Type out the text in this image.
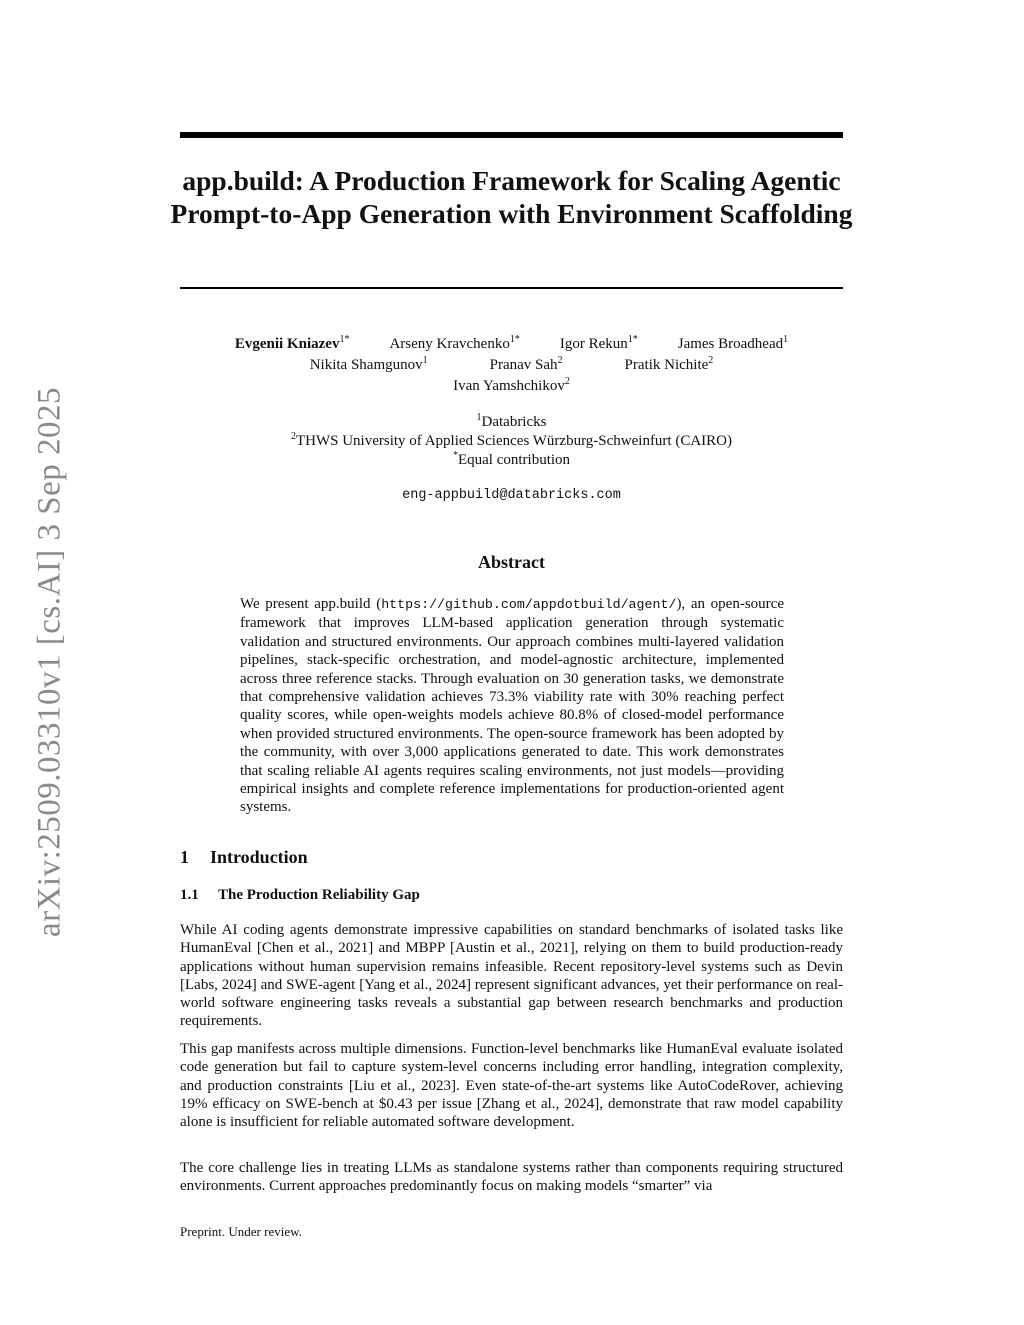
arXiv:2509.03310v1 [cs.AI] 3 Sep 2025
app.build: A Production Framework for Scaling Agentic Prompt-to-App Generation with Environment Scaffolding
Evgenii Kniazev$^{1*}$	Arseny Kravchenko$^{1*}$	Igor Rekun$^{1*}$	James Broadhead$^1$
Nikita Shamgunov$^1$	Pranav Sah$^2$	Pratik Nichite$^2$
Ivan Yamshchikov$^2$
$^1$Databricks
$^2$THWS University of Applied Sciences Würzburg-Schweinfurt (CAIRO)
*Equal contribution
eng-appbuild@databricks.com
Abstract

We present app.build (https://github.com/appdotbuild/agent/), an open-source framework that improves LLM-based application generation through systematic validation and structured environments. Our approach combines multi-layered validation pipelines, stack-specific orchestration, and model-agnostic architecture, implemented across three reference stacks. Through evaluation on 30 generation tasks, we demonstrate that comprehensive validation achieves 73.3% viability rate with 30% reaching perfect quality scores, while open-weights models achieve 80.8% of closed-model performance when provided structured environments. The open-source framework has been adopted by the community, with over 3,000 applications generated to date. This work demonstrates that scaling reliable AI agents requires scaling environments, not just models—providing empirical insights and complete reference implementations for production-oriented agent systems.

1 Introduction
1.1 The Production Reliability Gap

While AI coding agents demonstrate impressive capabilities on standard benchmarks of isolated tasks like HumanEval [Chen et al., 2021] and MBPP [Austin et al., 2021], relying on them to build production-ready applications without human supervision remains infeasible. Recent repository-level systems such as Devin [Labs, 2024] and SWE-agent [Yang et al., 2024] represent significant advances, yet their performance on real-world software engineering tasks reveals a substantial gap between research benchmarks and production requirements.

This gap manifests across multiple dimensions. Function-level benchmarks like HumanEval evaluate isolated code generation but fail to capture system-level concerns including error handling, integration complexity, and production constraints [Liu et al., 2023]. Even state-of-the-art systems like AutoCodeRover, achieving 19% efficacy on SWE-bench at $0.43 per issue [Zhang et al., 2024], demonstrate that raw model capability alone is insufficient for reliable automated software development.

The core challenge lies in treating LLMs as standalone systems rather than components requiring structured environments. Current approaches predominantly focus on making models “smarter” via

Preprint. Under review.
